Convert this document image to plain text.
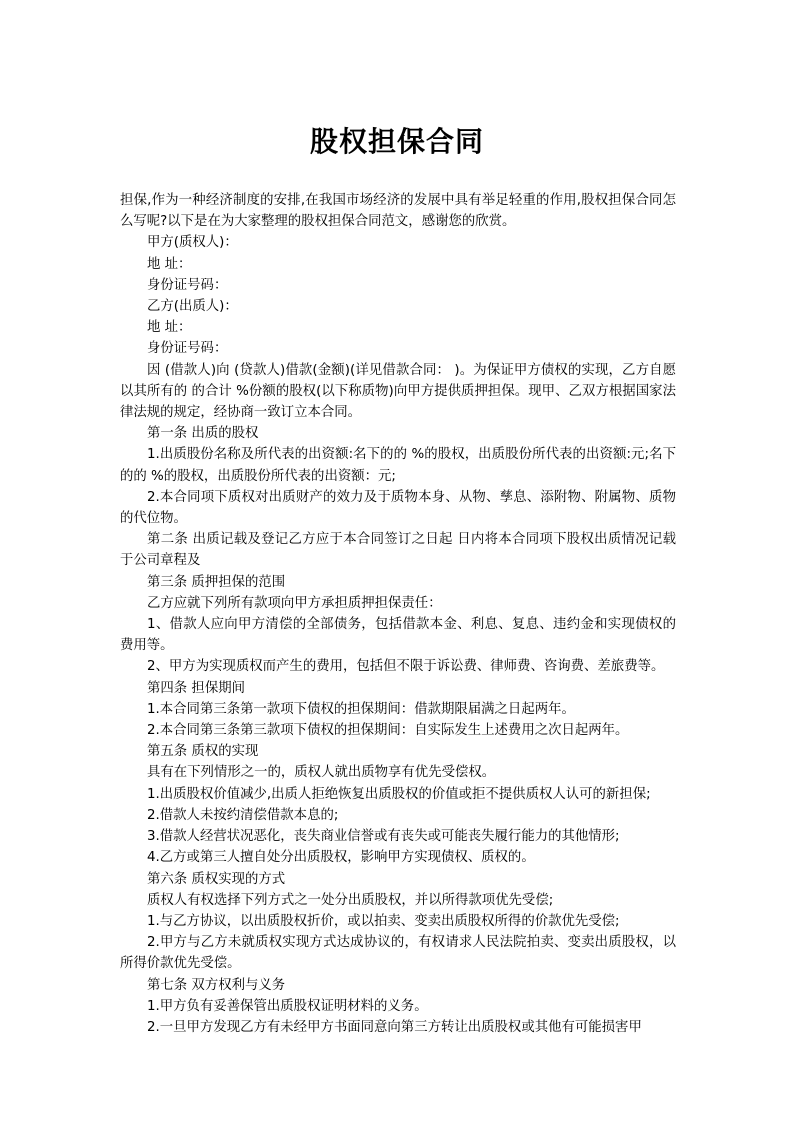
股权担保合同

担保,作为一种经济制度的安排,在我国市场经济的发展中具有举足轻重的作用,股权担保合同怎么写呢?以下是在为大家整理的股权担保合同范文，感谢您的欣赏。

甲方(质权人)：

地 址：

身份证号码：

乙方(出质人)：

地 址：

身份证号码：

因 (借款人)向 (贷款人)借款(金额)(详见借款合同： )。为保证甲方债权的实现，乙方自愿以其所有的 的合计 %份额的股权(以下称质物)向甲方提供质押担保。现甲、乙双方根据国家法律法规的规定，经协商一致订立本合同。

第一条 出质的股权

1.出质股份名称及所代表的出资额:名下的的 %的股权，出质股份所代表的出资额:元;名下的的 %的股权，出质股份所代表的出资额：元;

2.本合同项下质权对出质财产的效力及于质物本身、从物、孳息、添附物、附属物、质物的代位物。

第二条 出质记载及登记乙方应于本合同签订之日起 日内将本合同项下股权出质情况记载于公司章程及

第三条 质押担保的范围

乙方应就下列所有款项向甲方承担质押担保责任：

1、借款人应向甲方清偿的全部债务，包括借款本金、利息、复息、违约金和实现债权的费用等。

2、甲方为实现质权而产生的费用，包括但不限于诉讼费、律师费、咨询费、差旅费等。

第四条 担保期间

1.本合同第三条第一款项下债权的担保期间：借款期限届满之日起两年。

2.本合同第三条第三款项下债权的担保期间：自实际发生上述费用之次日起两年。

第五条 质权的实现

具有在下列情形之一的，质权人就出质物享有优先受偿权。

1.出质股权价值减少,出质人拒绝恢复出质股权的价值或拒不提供质权人认可的新担保;

2.借款人未按约清偿借款本息的;

3.借款人经营状况恶化，丧失商业信誉或有丧失或可能丧失履行能力的其他情形;

4.乙方或第三人擅自处分出质股权，影响甲方实现债权、质权的。

第六条 质权实现的方式

质权人有权选择下列方式之一处分出质股权，并以所得款项优先受偿;

1.与乙方协议，以出质股权折价，或以拍卖、变卖出质股权所得的价款优先受偿;

2.甲方与乙方未就质权实现方式达成协议的，有权请求人民法院拍卖、变卖出质股权，以所得价款优先受偿。

第七条 双方权利与义务

1.甲方负有妥善保管出质股权证明材料的义务。

2.一旦甲方发现乙方有未经甲方书面同意向第三方转让出质股权或其他有可能损害甲
